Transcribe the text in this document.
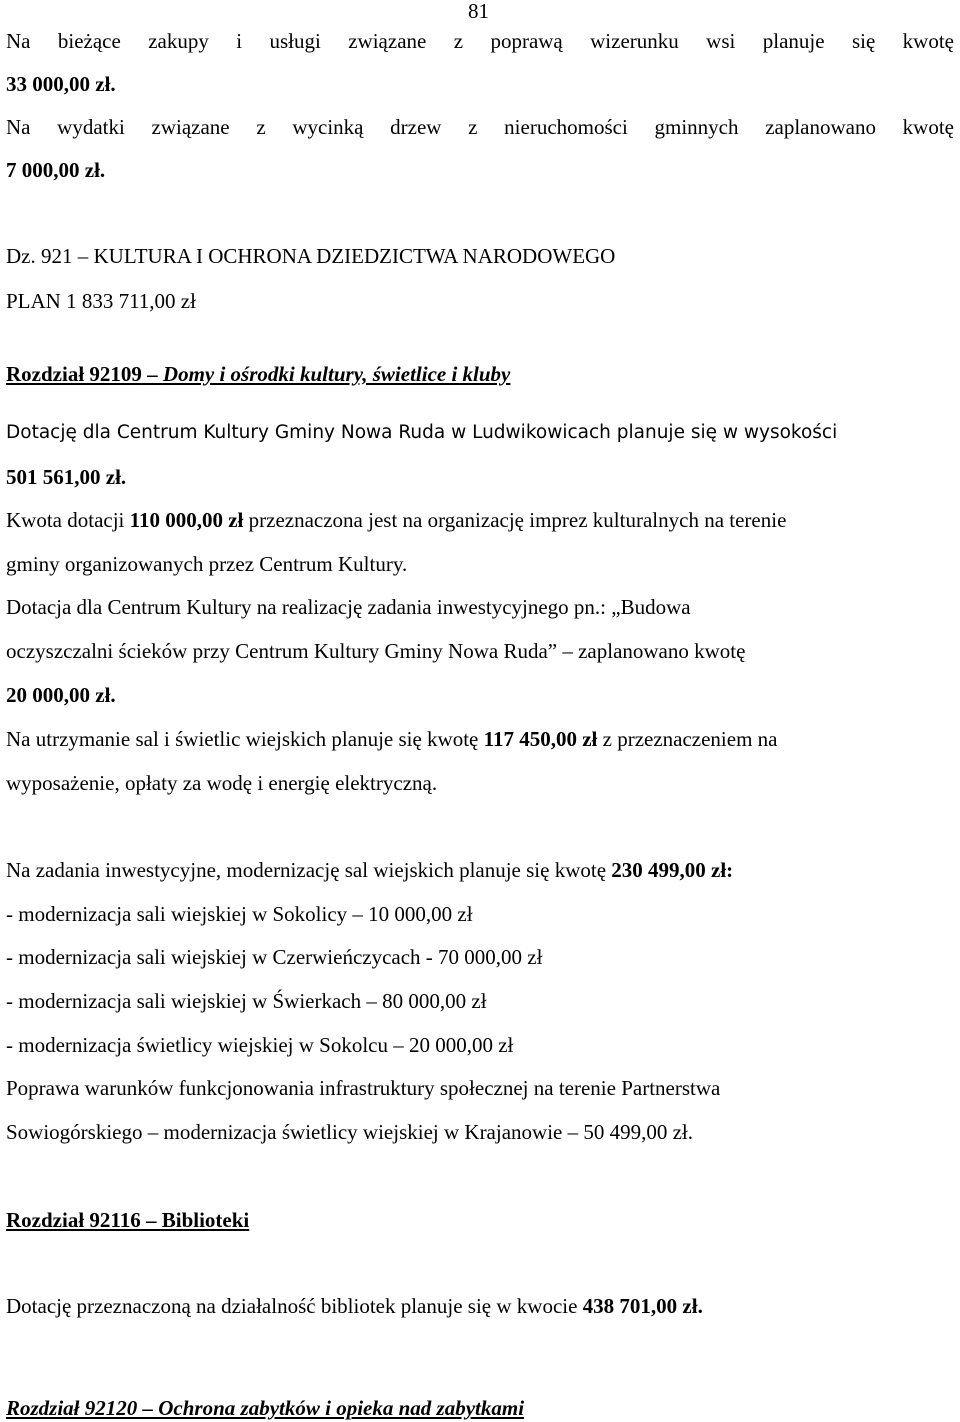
81
Na bieżące zakupy i usługi związane z poprawą wizerunku wsi planuje się kwotę
33 000,00 zł.
Na wydatki związane z wycinką drzew z nieruchomości gminnych zaplanowano kwotę
7 000,00 zł.
Dz. 921 – KULTURA I OCHRONA DZIEDZICTWA NARODOWEGO
PLAN 1 833 711,00 zł
Rozdział 92109 – Domy i ośrodki kultury, świetlice i kluby
Dotację dla Centrum Kultury Gminy Nowa Ruda w Ludwikowicach planuje się w wysokości
501 561,00 zł.
Kwota dotacji 110 000,00 zł przeznaczona jest na organizację imprez kulturalnych na terenie
gminy organizowanych przez Centrum Kultury.
Dotacja dla Centrum Kultury na realizację zadania inwestycyjnego pn.: „Budowa
oczyszczalni ścieków przy Centrum Kultury Gminy Nowa Ruda” – zaplanowano kwotę
20 000,00 zł.
Na utrzymanie sal i świetlic wiejskich planuje się kwotę 117 450,00 zł z przeznaczeniem na
wyposażenie, opłaty za wodę i energię elektryczną.
Na zadania inwestycyjne, modernizację sal wiejskich planuje się kwotę 230 499,00 zł:
- modernizacja sali wiejskiej w Sokolicy – 10 000,00 zł
- modernizacja sali wiejskiej w Czerwieńczycach - 70 000,00 zł
- modernizacja sali wiejskiej w Świerkach – 80 000,00 zł
- modernizacja świetlicy wiejskiej w Sokolcu – 20 000,00 zł
Poprawa warunków funkcjonowania infrastruktury społecznej na terenie Partnerstwa
Sowiogórskiego – modernizacja świetlicy wiejskiej w Krajanowie – 50 499,00 zł.
Rozdział 92116 – Biblioteki
Dotację przeznaczoną na działalność bibliotek planuje się w kwocie 438 701,00 zł.
Rozdział 92120 – Ochrona zabytków i opieka nad zabytkami
